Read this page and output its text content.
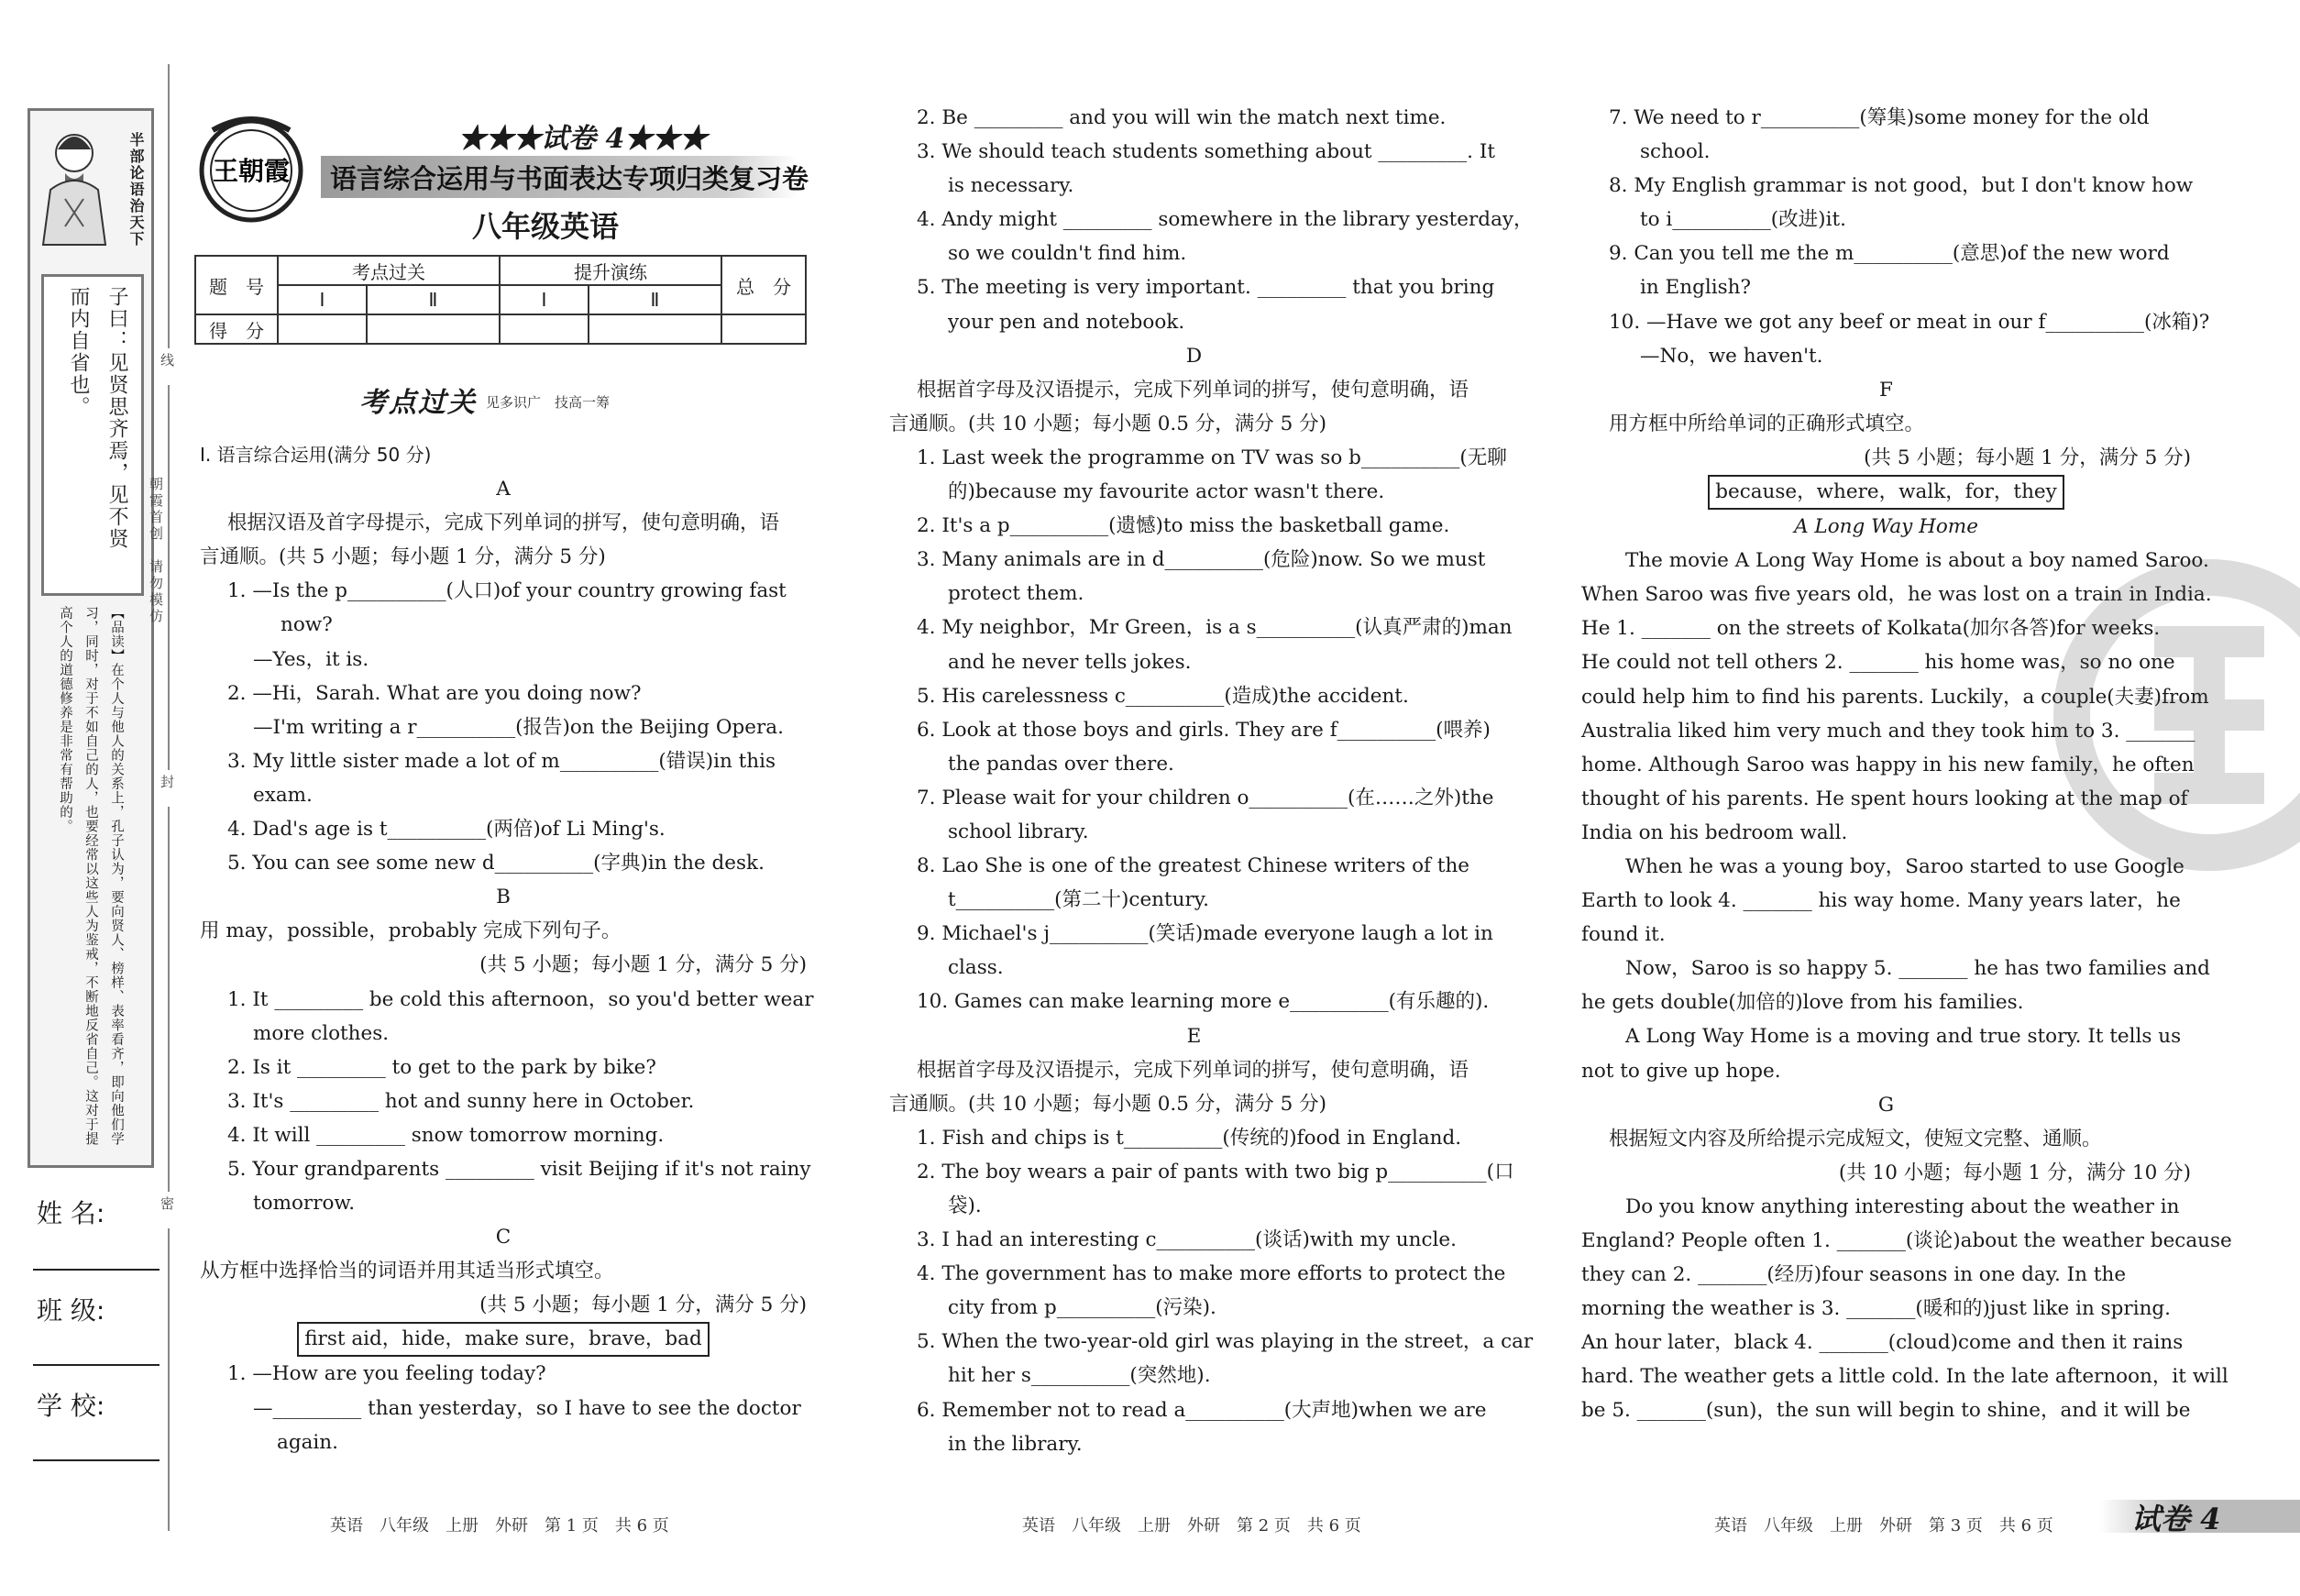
半部论语治天下
子曰：见贤思齐焉，见不贤
而内自省也。
【品读】在个人与他人的关系上，孔子认为，要向贤人、榜样、表率看齐，即向他们学
习，同时，对于不如自己的人，也要经常以这些人为鉴戒，不断地反省自己。这对于提
高个人的道德修养是非常有帮助的。
朝霞首创　请勿模仿
线
封
密
姓 名:
班 级:
学 校:
王朝霞
★★★试卷 4★★★
语言综合运用与书面表达专项归类复习卷
八年级英语
题　号	考点过关		提升演练		总　分
	Ⅰ	Ⅱ	Ⅰ	Ⅱ	
得　分					
考点过关 见多识广　技高一筹

Ⅰ. 语言综合运用(满分 50 分)

A

根据汉语及首字母提示，完成下列单词的拼写，使句意明确，语

言通顺。(共 5 小题；每小题 1 分，满分 5 分)

1. —Is the p__________(人口)of your country growing fast

now?

—Yes，it is.

2. —Hi，Sarah. What are you doing now?

—I'm writing a r__________(报告)on the Beijing Opera.

3. My little sister made a lot of m__________(错误)in this

exam.

4. Dad's age is t__________(两倍)of Li Ming's.

5. You can see some new d__________(字典)in the desk.

B

用 may，possible，probably 完成下列句子。

(共 5 小题；每小题 1 分，满分 5 分)

1. It _________ be cold this afternoon，so you'd better wear

more clothes.

2. Is it _________ to get to the park by bike?

3. It's _________ hot and sunny here in October.

4. It will _________ snow tomorrow morning.

5. Your grandparents _________ visit Beijing if it's not rainy

tomorrow.

C

从方框中选择恰当的词语并用其适当形式填空。

(共 5 小题；每小题 1 分，满分 5 分)

first aid，hide，make sure，brave，bad

1. —How are you feeling today?

—_________ than yesterday，so I have to see the doctor

again.

2. Be _________ and you will win the match next time.

3. We should teach students something about _________. It

is necessary.

4. Andy might _________ somewhere in the library yesterday，

so we couldn't find him.

5. The meeting is very important. _________ that you bring

your pen and notebook.

D

根据首字母及汉语提示，完成下列单词的拼写，使句意明确，语

言通顺。(共 10 小题；每小题 0.5 分，满分 5 分)

1. Last week the programme on TV was so b__________(无聊

的)because my favourite actor wasn't there.

2. It's a p__________(遗憾)to miss the basketball game.

3. Many animals are in d__________(危险)now. So we must

protect them.

4. My neighbor，Mr Green，is a s__________(认真严肃的)man

and he never tells jokes.

5. His carelessness c__________(造成)the accident.

6. Look at those boys and girls. They are f__________(喂养)

the pandas over there.

7. Please wait for your children o__________(在……之外)the

school library.

8. Lao She is one of the greatest Chinese writers of the

t__________(第二十)century.

9. Michael's j__________(笑话)made everyone laugh a lot in

class.

10. Games can make learning more e__________(有乐趣的).

E

根据首字母及汉语提示，完成下列单词的拼写，使句意明确，语

言通顺。(共 10 小题；每小题 0.5 分，满分 5 分)

1. Fish and chips is t__________(传统的)food in England.

2. The boy wears a pair of pants with two big p__________(口

袋).

3. I had an interesting c__________(谈话)with my uncle.

4. The government has to make more efforts to protect the

city from p__________(污染).

5. When the two-year-old girl was playing in the street，a car

hit her s__________(突然地).

6. Remember not to read a__________(大声地)when we are

in the library.

7. We need to r__________(筹集)some money for the old

school.

8. My English grammar is not good，but I don't know how

to i__________(改进)it.

9. Can you tell me the m__________(意思)of the new word

in English?

10. —Have we got any beef or meat in our f__________(冰箱)?

—No，we haven't.

F

用方框中所给单词的正确形式填空。

(共 5 小题；每小题 1 分，满分 5 分)

because，where，walk，for，they

A Long Way Home

The movie A Long Way Home is about a boy named Saroo.

When Saroo was five years old，he was lost on a train in India.

He 1. _______ on the streets of Kolkata(加尔各答)for weeks.

He could not tell others 2. _______ his home was，so no one

could help him to find his parents. Luckily，a couple(夫妻)from

Australia liked him very much and they took him to 3. _______

home. Although Saroo was happy in his new family，he often

thought of his parents. He spent hours looking at the map of

India on his bedroom wall.

When he was a young boy，Saroo started to use Google

Earth to look 4. _______ his way home. Many years later，he

found it.

Now，Saroo is so happy 5. _______ he has two families and

he gets double(加倍的)love from his families.

A Long Way Home is a moving and true story. It tells us

not to give up hope.

G

根据短文内容及所给提示完成短文，使短文完整、通顺。

(共 10 小题；每小题 1 分，满分 10 分)

Do you know anything interesting about the weather in

England? People often 1. _______(谈论)about the weather because

they can 2. _______(经历)four seasons in one day. In the

morning the weather is 3. _______(暖和的)just like in spring.

An hour later，black 4. _______(cloud)come and then it rains

hard. The weather gets a little cold. In the late afternoon，it will

be 5. _______(sun)，the sun will begin to shine，and it will be

英语　八年级　上册　外研　第 1 页　共 6 页	英语　八年级　上册　外研　第 2 页　共 6 页	英语　八年级　上册　外研　第 3 页　共 6 页	试卷 4
